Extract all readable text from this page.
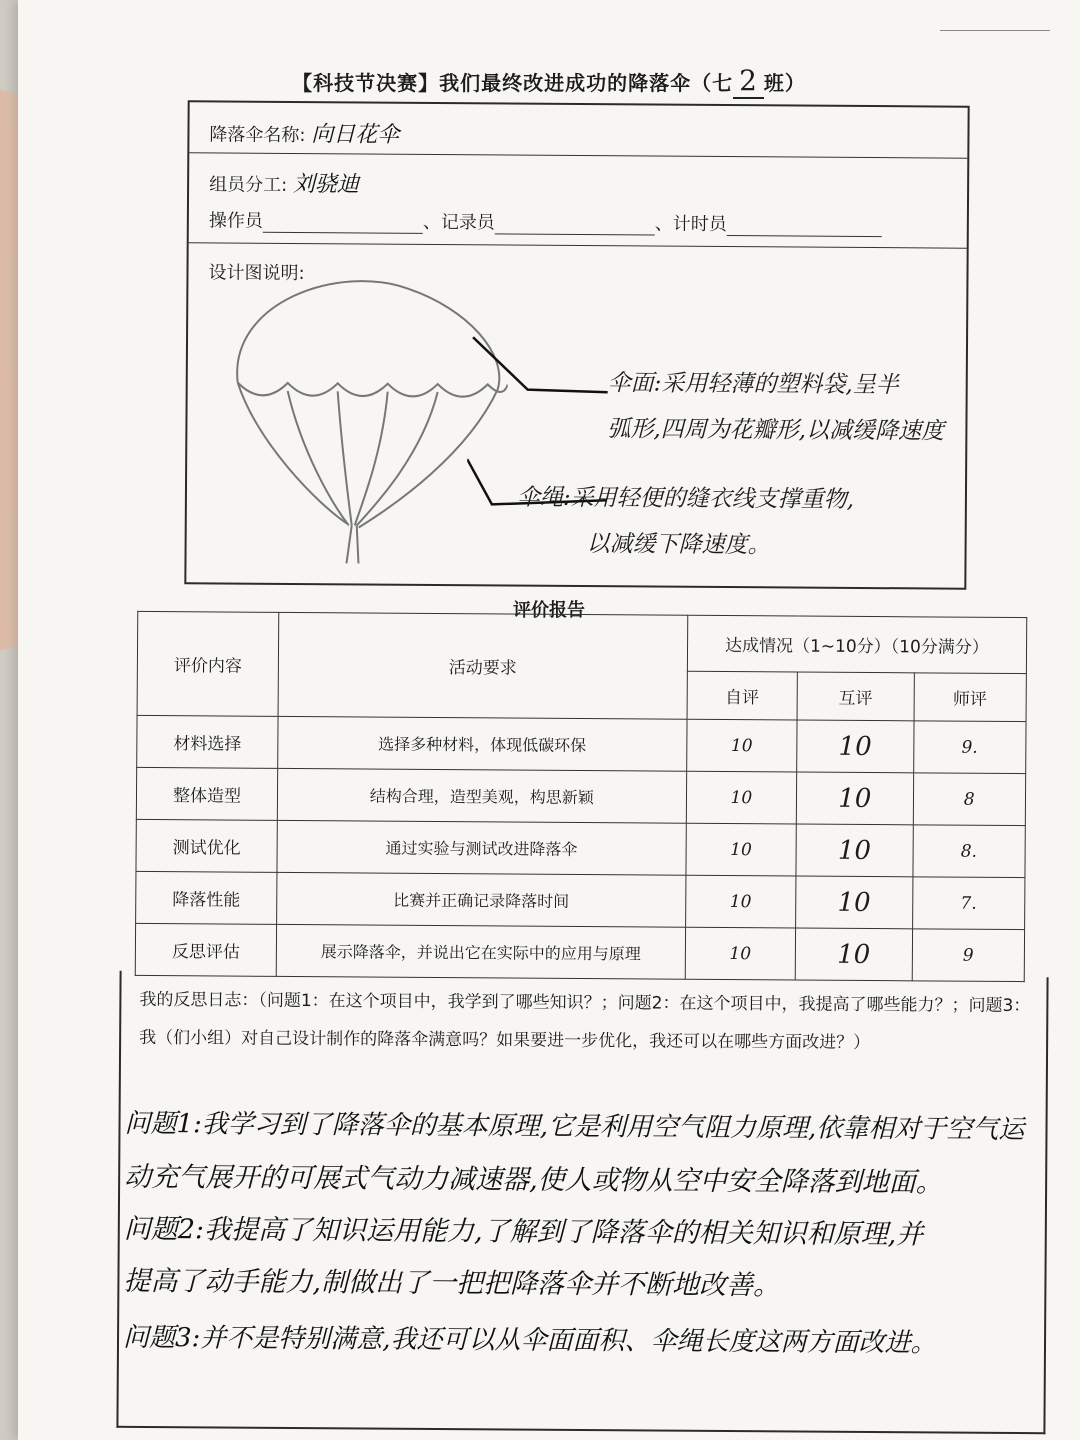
【科技节决赛】我们最终改进成功的降落伞（七 2 班）
降落伞名称: 向日花伞
组员分工: 刘骁迪
操作员	、记录员	、计时员
设计图说明:
伞面:采用轻薄的塑料袋,呈半
弧形,四周为花瓣形,以减缓降速度
伞绳:采用轻便的缝衣线支撑重物,
以减缓下降速度。
评价报告
评价内容	活动要求	达成情况（1~10分）（10分满分）		
		自评	互评	师评
材料选择	选择多种材料，体现低碳环保	10	10	9.
整体造型	结构合理，造型美观，构思新颖	10	10	8
测试优化	通过实验与测试改进降落伞	10	10	8.
降落性能	比赛并正确记录降落时间	10	10	7.
反思评估	展示降落伞，并说出它在实际中的应用与原理	10	10	9
我的反思日志：（问题1：在这个项目中，我学到了哪些知识？；问题2：在这个项目中，我提高了哪些能力？；问题3：我（们小组）对自己设计制作的降落伞满意吗？如果要进一步优化，我还可以在哪些方面改进？）
问题1:我学习到了降落伞的基本原理,它是利用空气阻力原理,依靠相对于空气运
动充气展开的可展式气动力减速器,使人或物从空中安全降落到地面。
问题2:我提高了知识运用能力,了解到了降落伞的相关知识和原理,并
提高了动手能力,制做出了一把把降落伞并不断地改善。
问题3:并不是特别满意,我还可以从伞面面积、伞绳长度这两方面改进。
